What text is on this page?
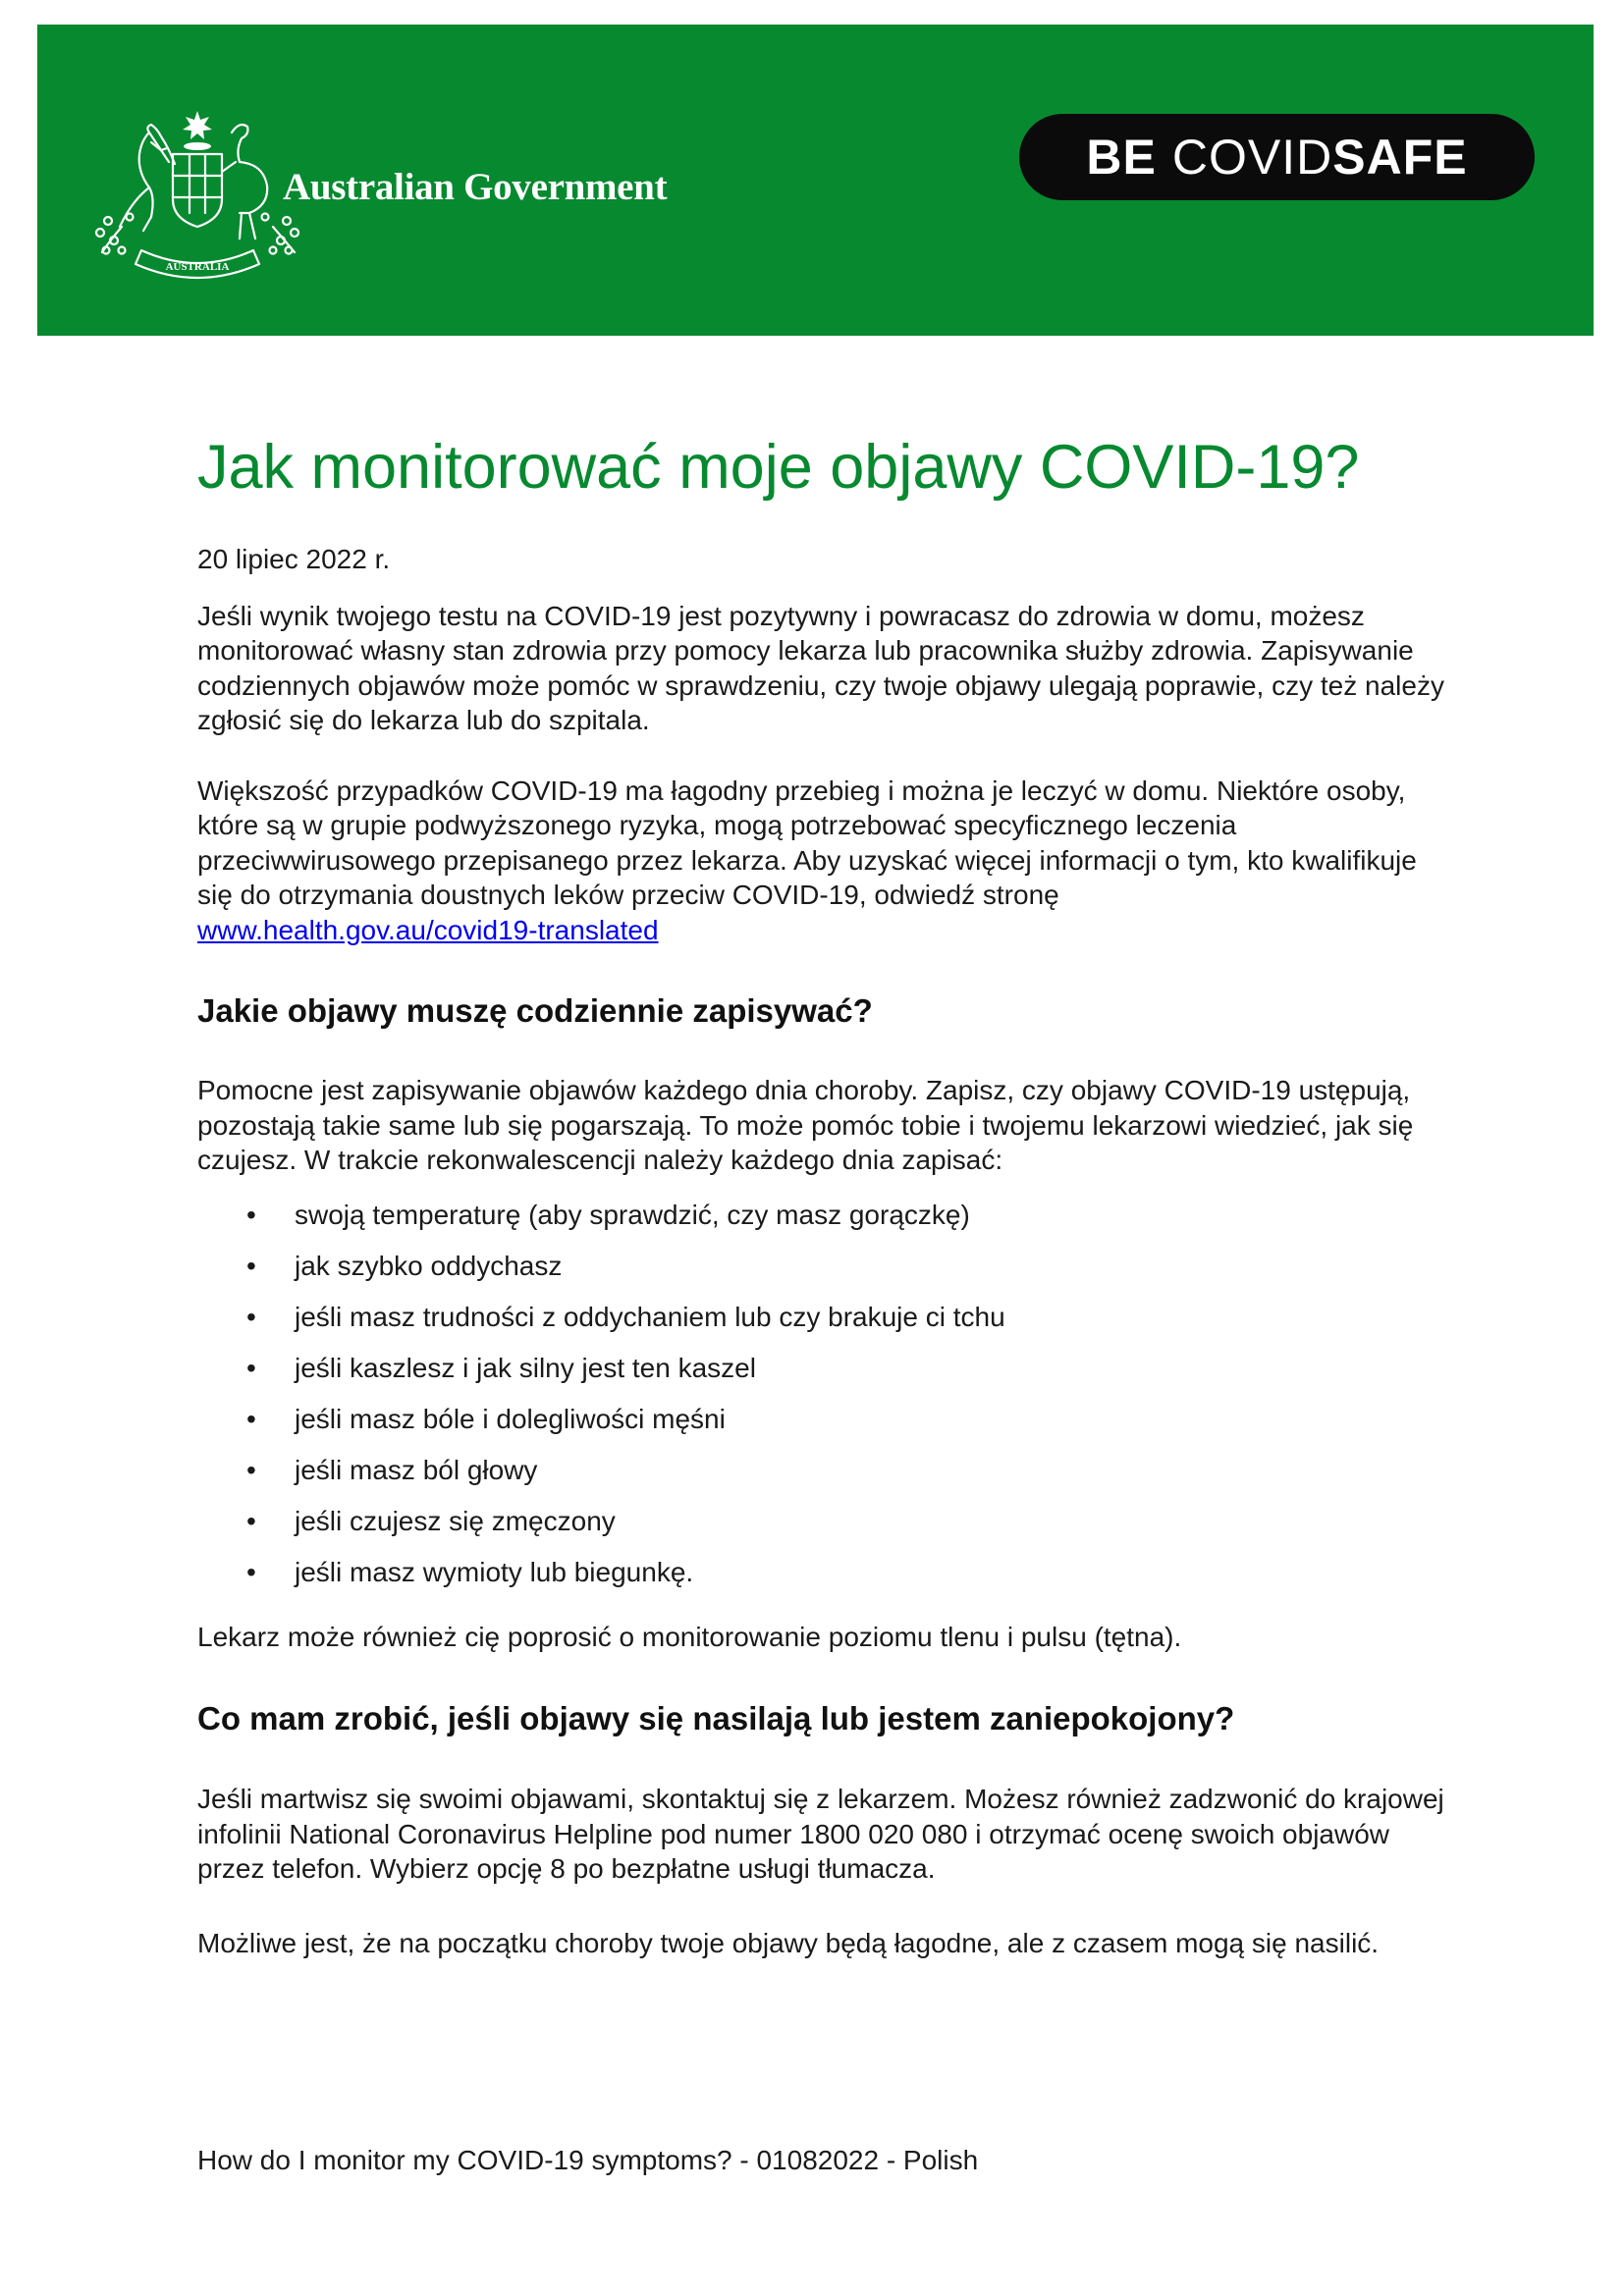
AUSTRALIA
Australian Government
BE COVID SAFE
Jak monitorować moje objawy COVID-19?

20 lipiec 2022 r.

Jeśli wynik twojego testu na COVID-19 jest pozytywny i powracasz do zdrowia w domu, możesz monitorować własny stan zdrowia przy pomocy lekarza lub pracownika służby zdrowia. Zapisywanie codziennych objawów może pomóc w sprawdzeniu, czy twoje objawy ulegają poprawie, czy też należy zgłosić się do lekarza lub do szpitala.

Większość przypadków COVID-19 ma łagodny przebieg i można je leczyć w domu. Niektóre osoby, które są w grupie podwyższonego ryzyka, mogą potrzebować specyficznego leczenia przeciwwirusowego przepisanego przez lekarza. Aby uzyskać więcej informacji o tym, kto kwalifikuje się do otrzymania doustnych leków przeciw COVID-19, odwiedź stronę
www.health.gov.au/covid19-translated

Jakie objawy muszę codziennie zapisywać?

Pomocne jest zapisywanie objawów każdego dnia choroby. Zapisz, czy objawy COVID-19 ustępują, pozostają takie same lub się pogarszają. To może pomóc tobie i twojemu lekarzowi wiedzieć, jak się czujesz. W trakcie rekonwalescencji należy każdego dnia zapisać:

• swoją temperaturę (aby sprawdzić, czy masz gorączkę)
• jak szybko oddychasz
• jeśli masz trudności z oddychaniem lub czy brakuje ci tchu
• jeśli kaszlesz i jak silny jest ten kaszel
• jeśli masz bóle i dolegliwości męśni
• jeśli masz ból głowy
• jeśli czujesz się zmęczony
• jeśli masz wymioty lub biegunkę.

Lekarz może również cię poprosić o monitorowanie poziomu tlenu i pulsu (tętna).

Co mam zrobić, jeśli objawy się nasilają lub jestem zaniepokojony?

Jeśli martwisz się swoimi objawami, skontaktuj się z lekarzem. Możesz również zadzwonić do krajowej infolinii National Coronavirus Helpline pod numer 1800 020 080 i otrzymać ocenę swoich objawów przez telefon. Wybierz opcję 8 po bezpłatne usługi tłumacza.

Możliwe jest, że na początku choroby twoje objawy będą łagodne, ale z czasem mogą się nasilić.

How do I monitor my COVID-19 symptoms? - 01082022 - Polish
